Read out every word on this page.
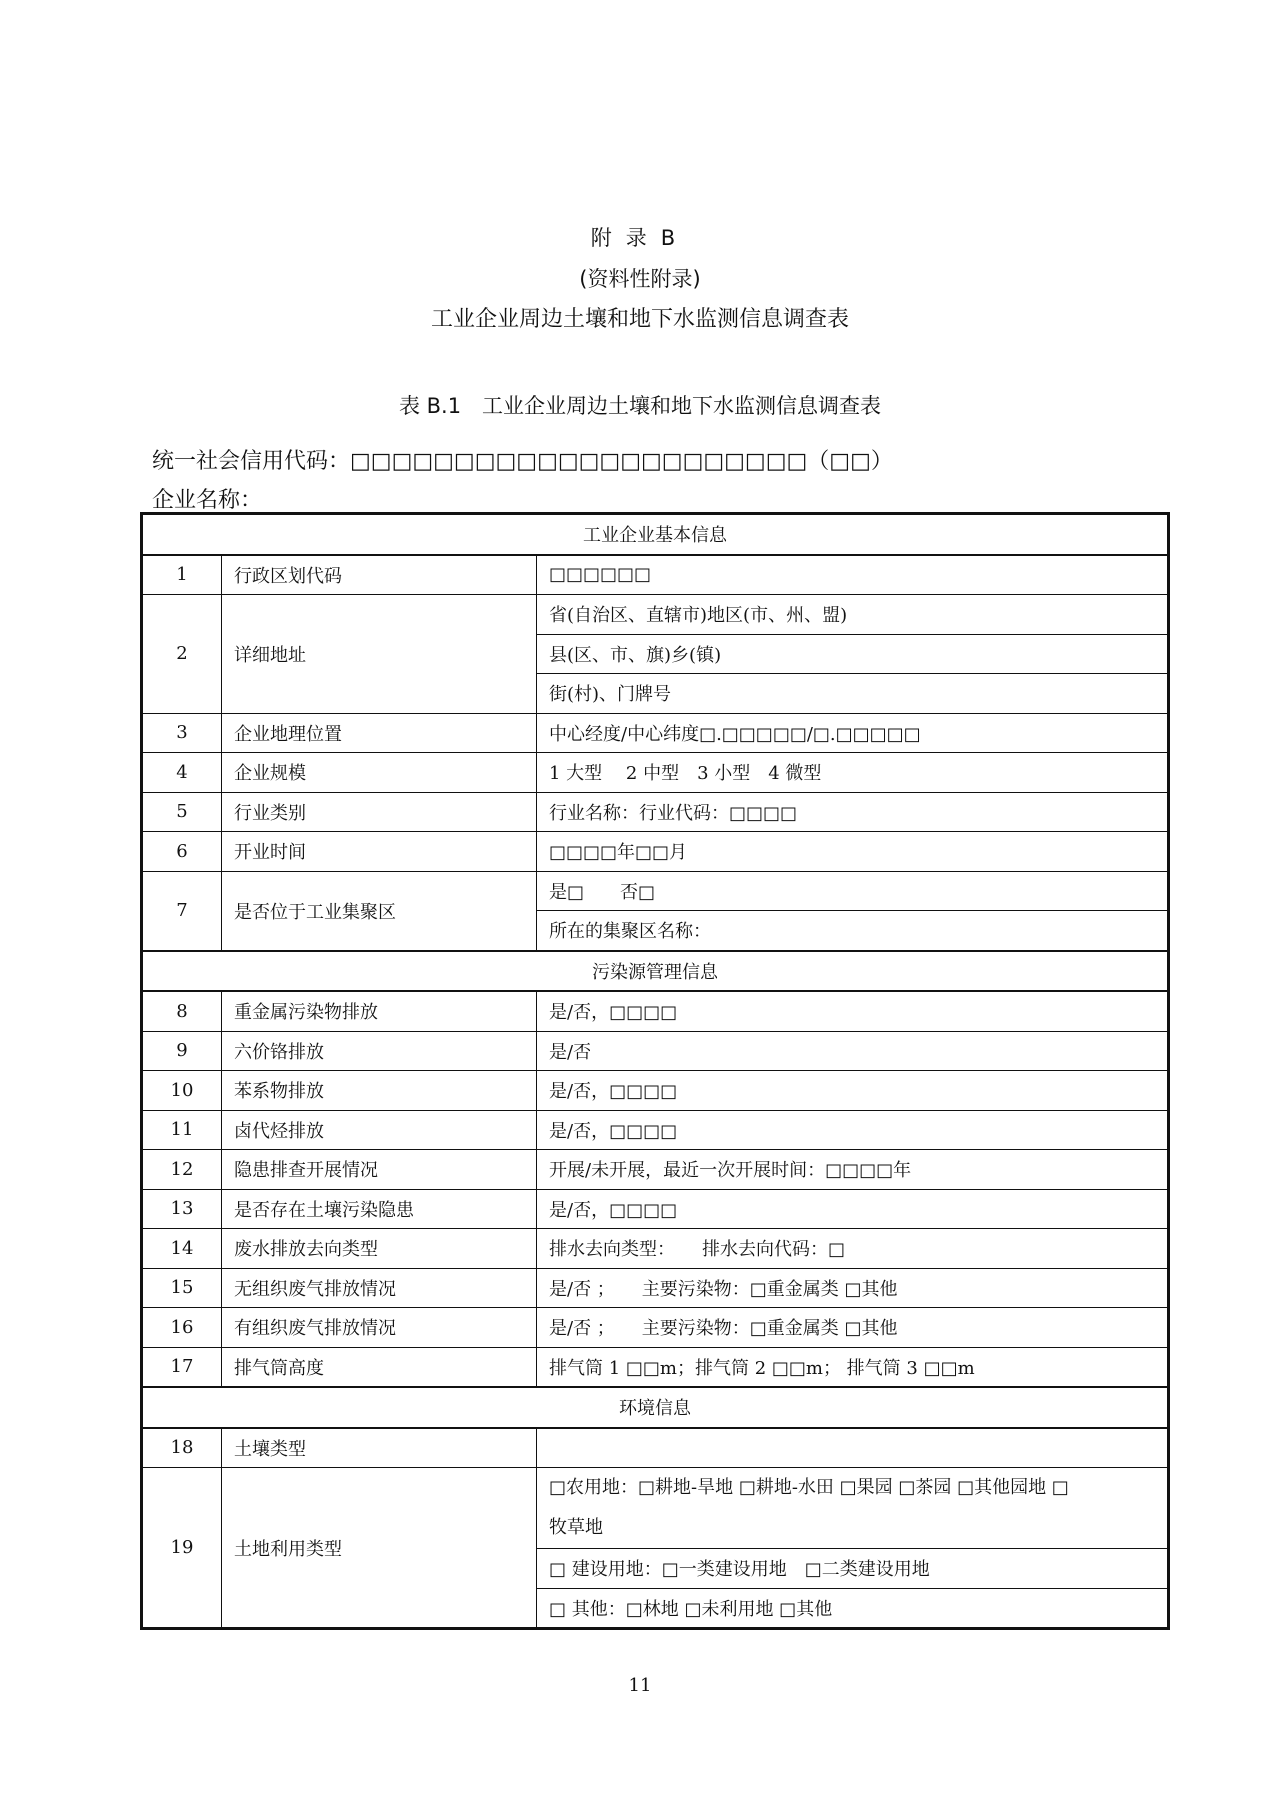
附录B
(资料性附录)
工业企业周边土壤和地下水监测信息调查表
表 B.1　工业企业周边土壤和地下水监测信息调查表
统一社会信用代码：□□□□□□□□□□□□□□□□□□□□□□（□□）
企业名称：
工业企业基本信息		
1	行政区划代码	□□□□□□
2	详细地址	省(自治区、直辖市)地区(市、州、盟)
		县(区、市、旗)乡(镇)
		街(村)、门牌号
3	企业地理位置	中心经度/中心纬度□.□□□□□/□.□□□□□
4	企业规模	1 大型　 2 中型　3 小型　4 微型
5	行业类别	行业名称：行业代码：□□□□
6	开业时间	□□□□年□□月
7	是否位于工业集聚区	是□　　否□
		所在的集聚区名称：
污染源管理信息		
8	重金属污染物排放	是/否，□□□□
9	六价铬排放	是/否
10	苯系物排放	是/否，□□□□
11	卤代烃排放	是/否，□□□□
12	隐患排查开展情况	开展/未开展，最近一次开展时间：□□□□年
13	是否存在土壤污染隐患	是/否，□□□□
14	废水排放去向类型	排水去向类型：　　排水去向代码：□
15	无组织废气排放情况	是/否 ；　　主要污染物：□重金属类 □其他
16	有组织废气排放情况	是/否 ；　　主要污染物：□重金属类 □其他
17	排气筒高度	排气筒 1 □□m；排气筒 2 □□m； 排气筒 3 □□m
环境信息		
18	土壤类型	
19	土地利用类型	□农用地：□耕地-旱地 □耕地-水田 □果园 □茶园 □其他园地 □
牧草地

		□ 建设用地：□一类建设用地　□二类建设用地
		□ 其他：□林地 □未利用地 □其他
11
